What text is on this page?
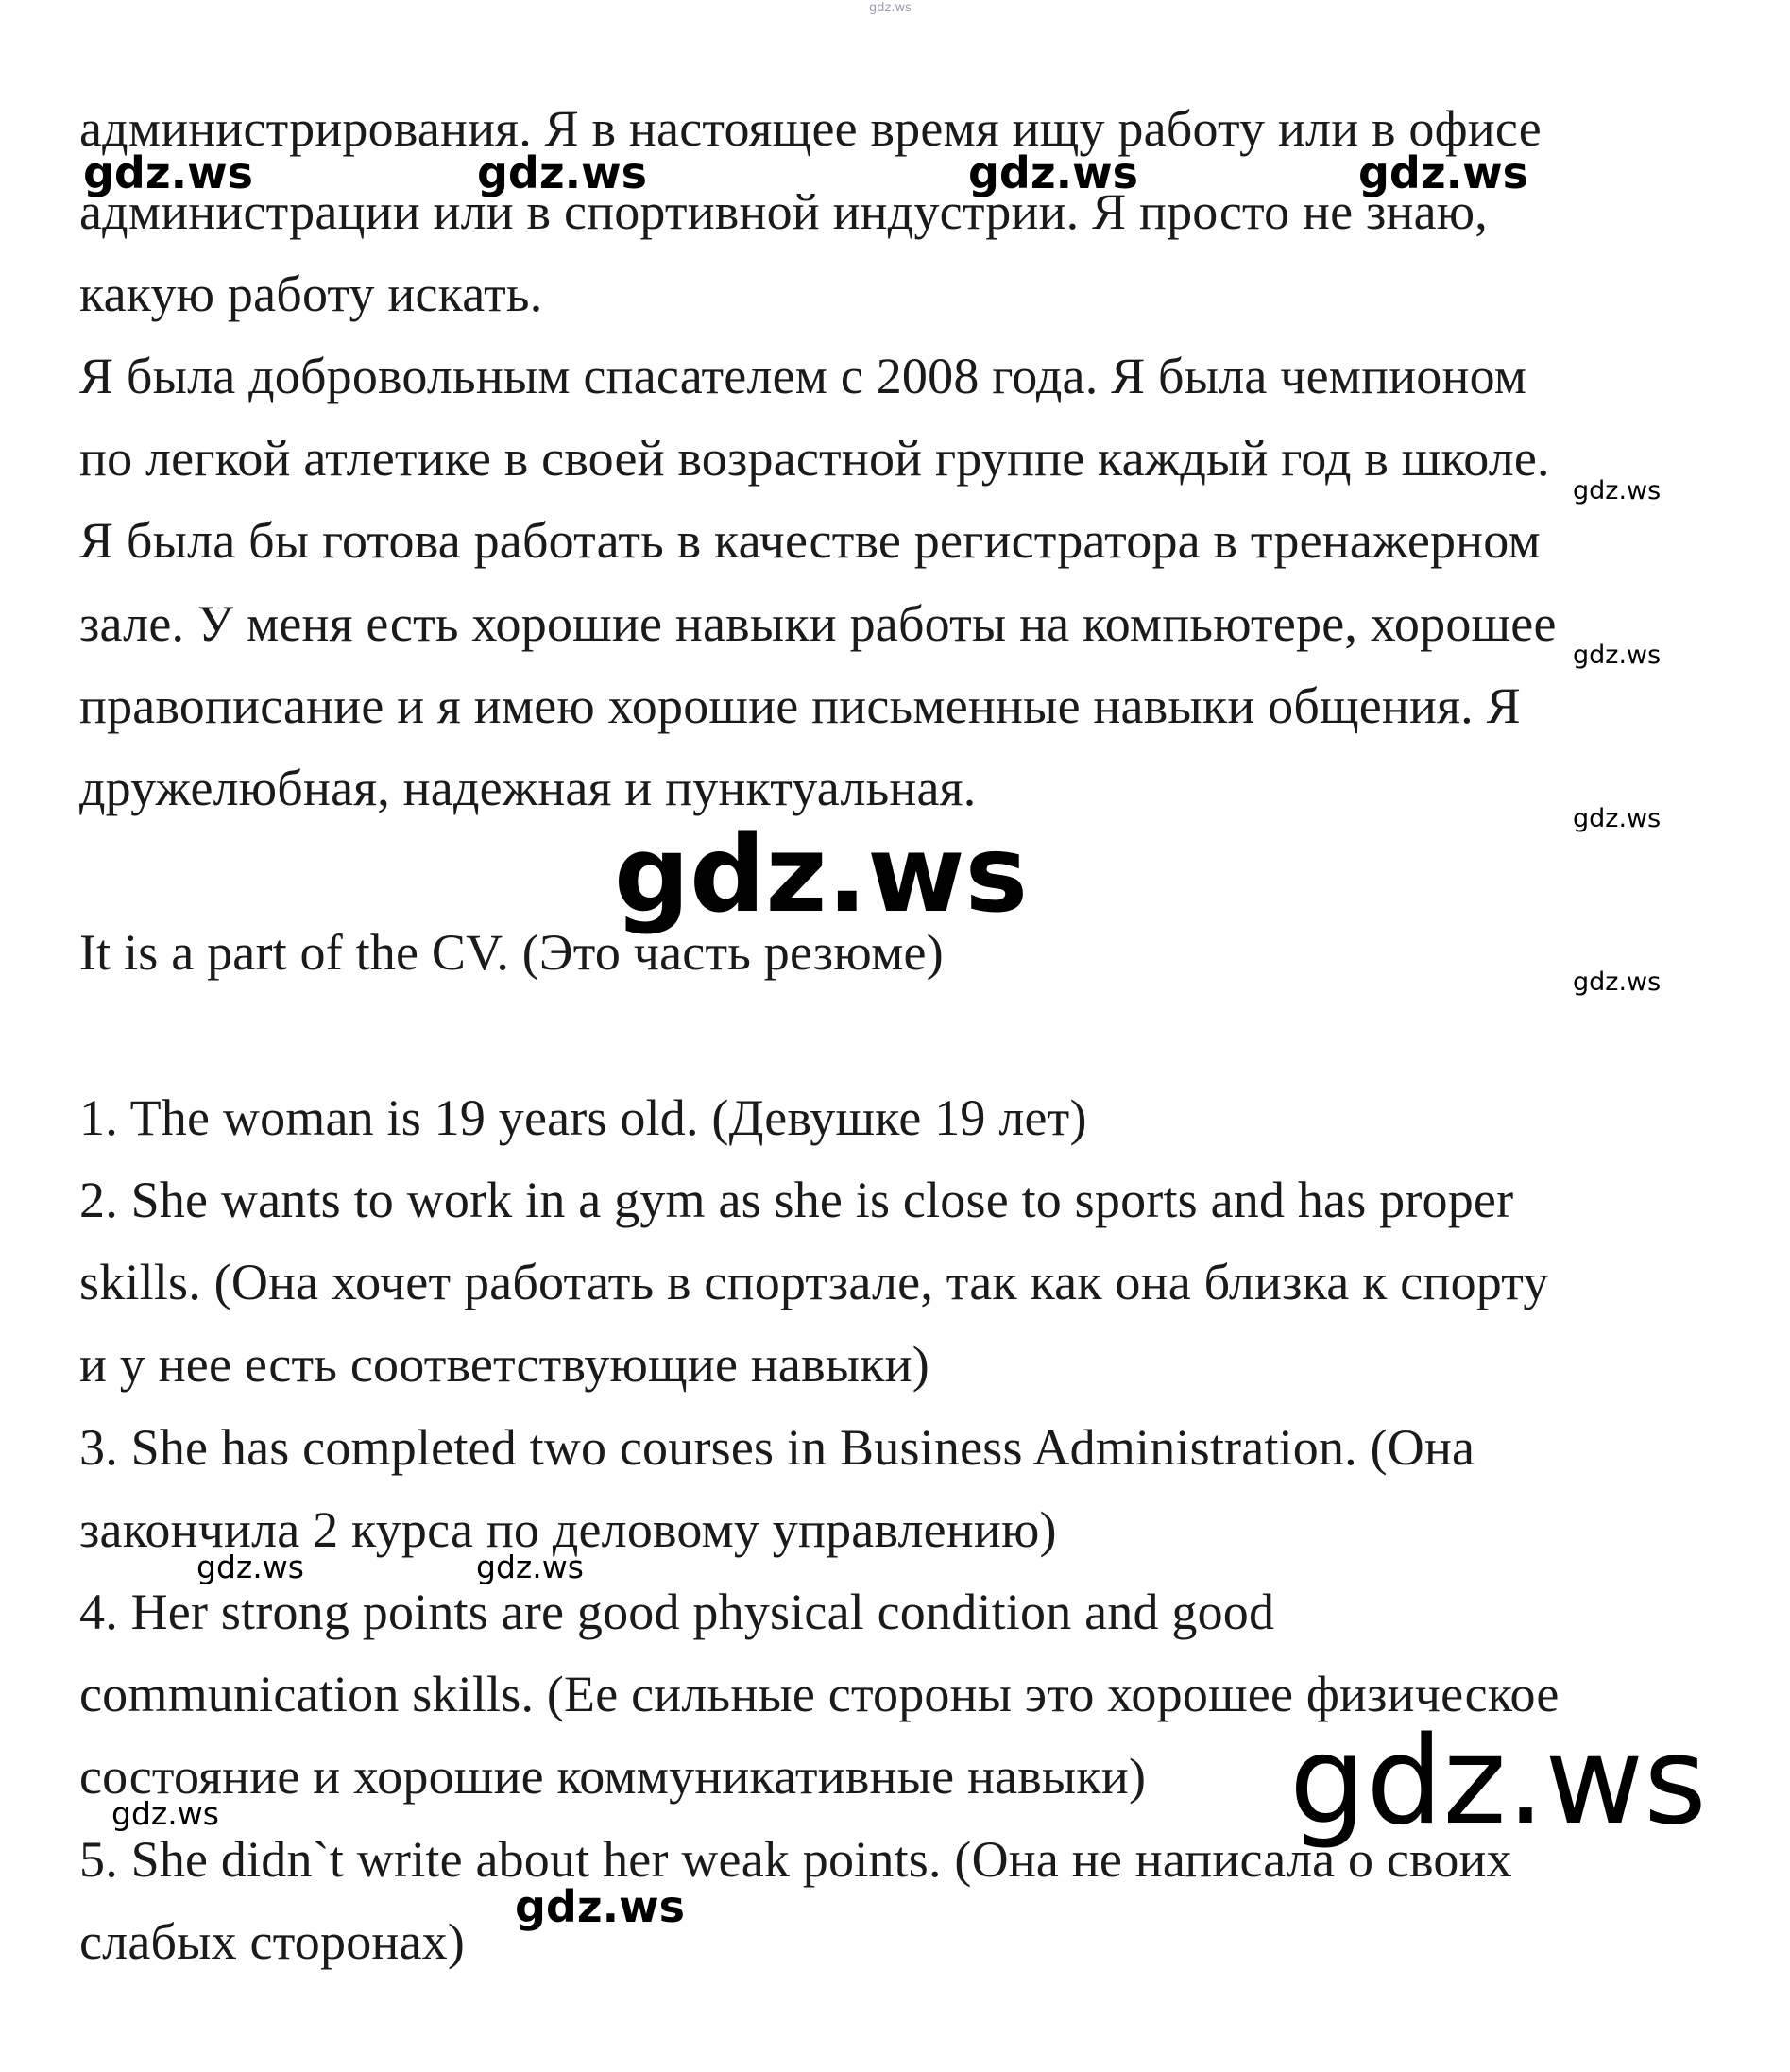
администрирования. Я в настоящее время ищу работу или в офисе
администрации или в спортивной индустрии. Я просто не знаю,
какую работу искать.
Я была добровольным спасателем с 2008 года. Я была чемпионом
по легкой атлетике в своей возрастной группе каждый год в школе.
Я была бы готова работать в качестве регистратора в тренажерном
зале. У меня есть хорошие навыки работы на компьютере, хорошее
правописание и я имею хорошие письменные навыки общения. Я
дружелюбная, надежная и пунктуальная.
It is a part of the CV. (Это часть резюме)
1. The woman is 19 years old. (Девушке 19 лет)
2. She wants to work in a gym as she is close to sports and has proper
skills. (Она хочет работать в спортзале, так как она близка к спорту
и у нее есть соответствующие навыки)
3. She has completed two courses in Business Administration. (Она
закончила 2 курса по деловому управлению)
4. Her strong points are good physical condition and good
communication skills. (Ее сильные стороны это хорошее физическое
состояние и хорошие коммуникативные навыки)
5. She didn`t write about her weak points. (Она не написала о своих
слабых сторонах)
gdz.ws
gdz.ws	gdz.ws	gdz.ws	gdz.ws
gdz.ws
gdz.ws
gdz.ws
gdz.ws
gdz.ws
gdz.ws	gdz.ws
gdz.ws	gdz.ws
gdz.ws
